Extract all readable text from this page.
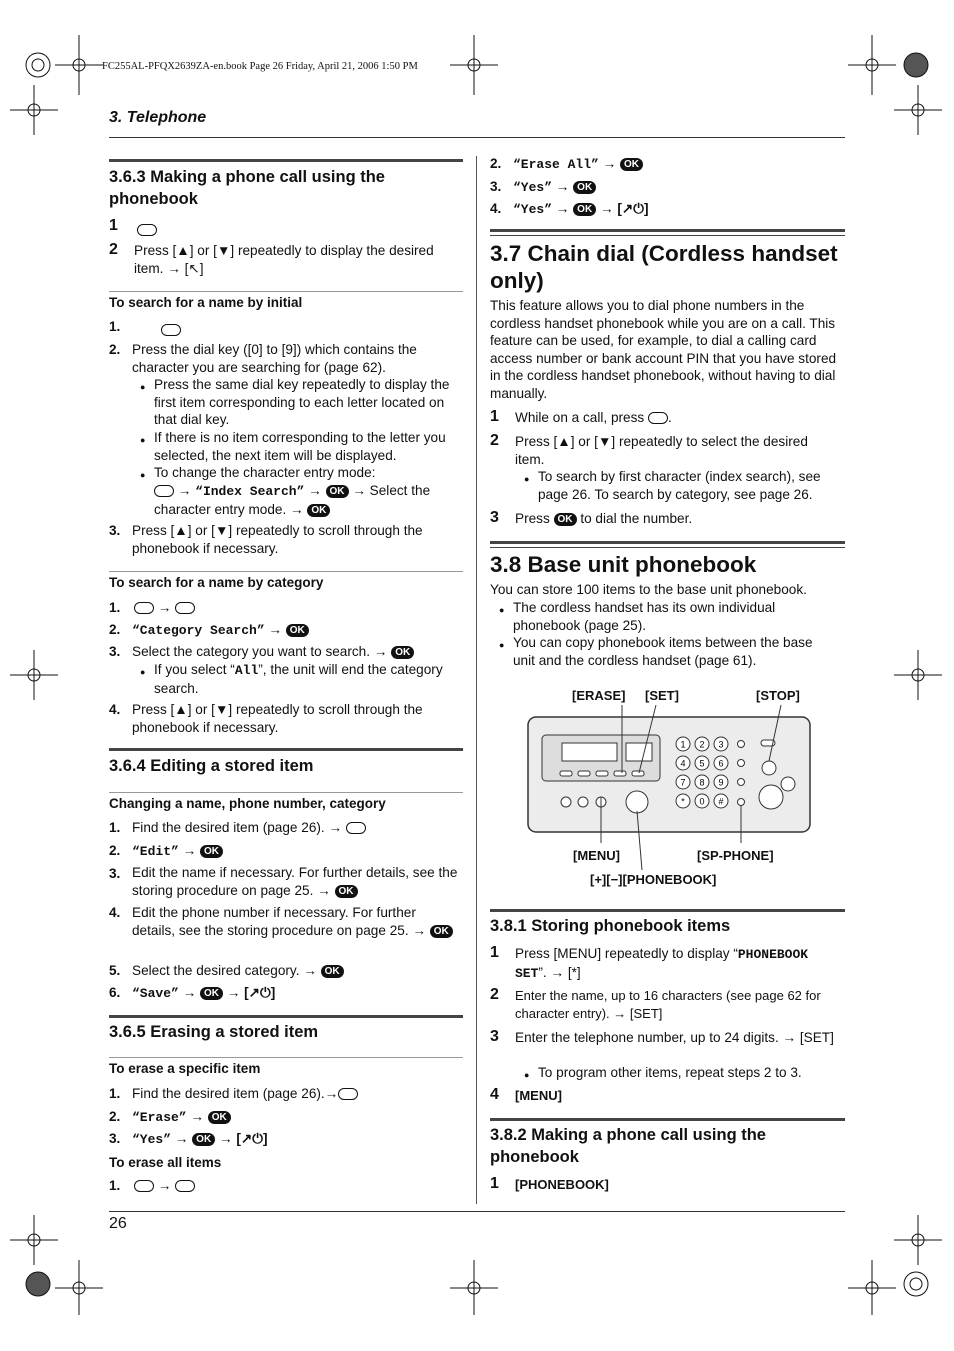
FC255AL-PFQX2639ZA-en.book Page 26 Friday, April 21, 2006 1:50 PM
3. Telephone
3.6.3 Making a phone call using the phonebook
1

2 Press [▲] or [▼] repeatedly to display the desired item. → [↖]
To search for a name by initial
1.
2. Press the dial key ([0] to [9]) which contains the character you are searching for (page 62).
● Press the same dial key repeatedly to display the first item corresponding to each letter located on that dial key.
● If there is no item corresponding to the letter you selected, the next item will be displayed.
● To change the character entry mode:
→ “Index Search” → OK → Select the character entry mode. → OK
3. Press [▲] or [▼] repeatedly to scroll through the phonebook if necessary.
To search for a name by category
1.	→
2. “Category Search” → OK
3. Select the category you want to search. → OK
● If you select “All”, the unit will end the category search.
4. Press [▲] or [▼] repeatedly to scroll through the phonebook if necessary.
3.6.4 Editing a stored item
Changing a name, phone number, category
1. Find the desired item (page 26). →
2. “Edit” → OK
3. Edit the name if necessary. For further details, see the storing procedure on page 25. → OK
4. Edit the phone number if necessary. For further details, see the storing procedure on page 25. → OK
5. Select the desired category. → OK
6. “Save” → OK → [↗⏻]
3.6.5 Erasing a stored item
To erase a specific item
1. Find the desired item (page 26).→
2. “Erase” → OK
3. “Yes” → OK → [↗⏻]
To erase all items
1.	→
2. “Erase All” → OK
3. “Yes” → OK
4. “Yes” → OK → [↗⏻]
3.7 Chain dial (Cordless handset only)
This feature allows you to dial phone numbers in the cordless handset phonebook while you are on a call. This feature can be used, for example, to dial a calling card access number or bank account PIN that you have stored in the cordless handset phonebook, without having to dial manually.
1 While on a call, press .
2 Press [▲] or [▼] repeatedly to select the desired item.
● To search by first character (index search), see page 26. To search by category, see page 26.
3 Press OK to dial the number.
3.8 Base unit phonebook
You can store 100 items to the base unit phonebook.
● The cordless handset has its own individual phonebook (page 25).
● You can copy phonebook items between the base unit and the cordless handset (page 61).
[ERASE] [SET]	[STOP]
1 2 3
4 5 6
7 8 9
* 0 #
[MENU]	[SP-PHONE]
[+][−][PHONEBOOK]
3.8.1 Storing phonebook items
1 Press [MENU] repeatedly to display “PHONEBOOK SET”. → [*]
2 Enter the name, up to 16 characters (see page 62 for character entry). → [SET]
3 Enter the telephone number, up to 24 digits. → [SET]
● To program other items, repeat steps 2 to 3.
4 [MENU]
3.8.2 Making a phone call using the phonebook
1 [PHONEBOOK]
26
